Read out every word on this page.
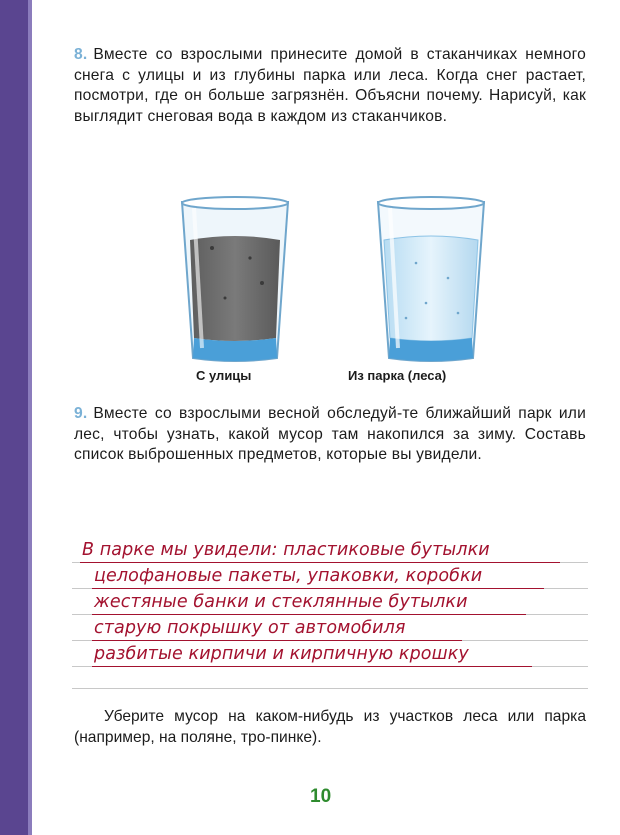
8. Вместе со взрослыми принесите домой в стаканчиках немного снега с улицы и из глубины парка или леса. Когда снег растает, посмотри, где он больше загрязнён. Объясни почему. Нарисуй, как выглядит снеговая вода в каждом из стаканчиков.
С улицы	Из парка (леса)
9. Вместе со взрослыми весной обследуй-те ближайший парк или лес, чтобы узнать, какой мусор там накопился за зиму. Составь список выброшенных предметов, которые вы увидели.
В парке мы увидели: пластиковые бутылки
целофановые пакеты, упаковки, коробки
жестяные банки и стеклянные бутылки
старую покрышку от автомобиля
разбитые кирпичи и кирпичную крошку
Уберите мусор на каком-нибудь из участков леса или парка (например, на поляне, тро-пинке).
10
